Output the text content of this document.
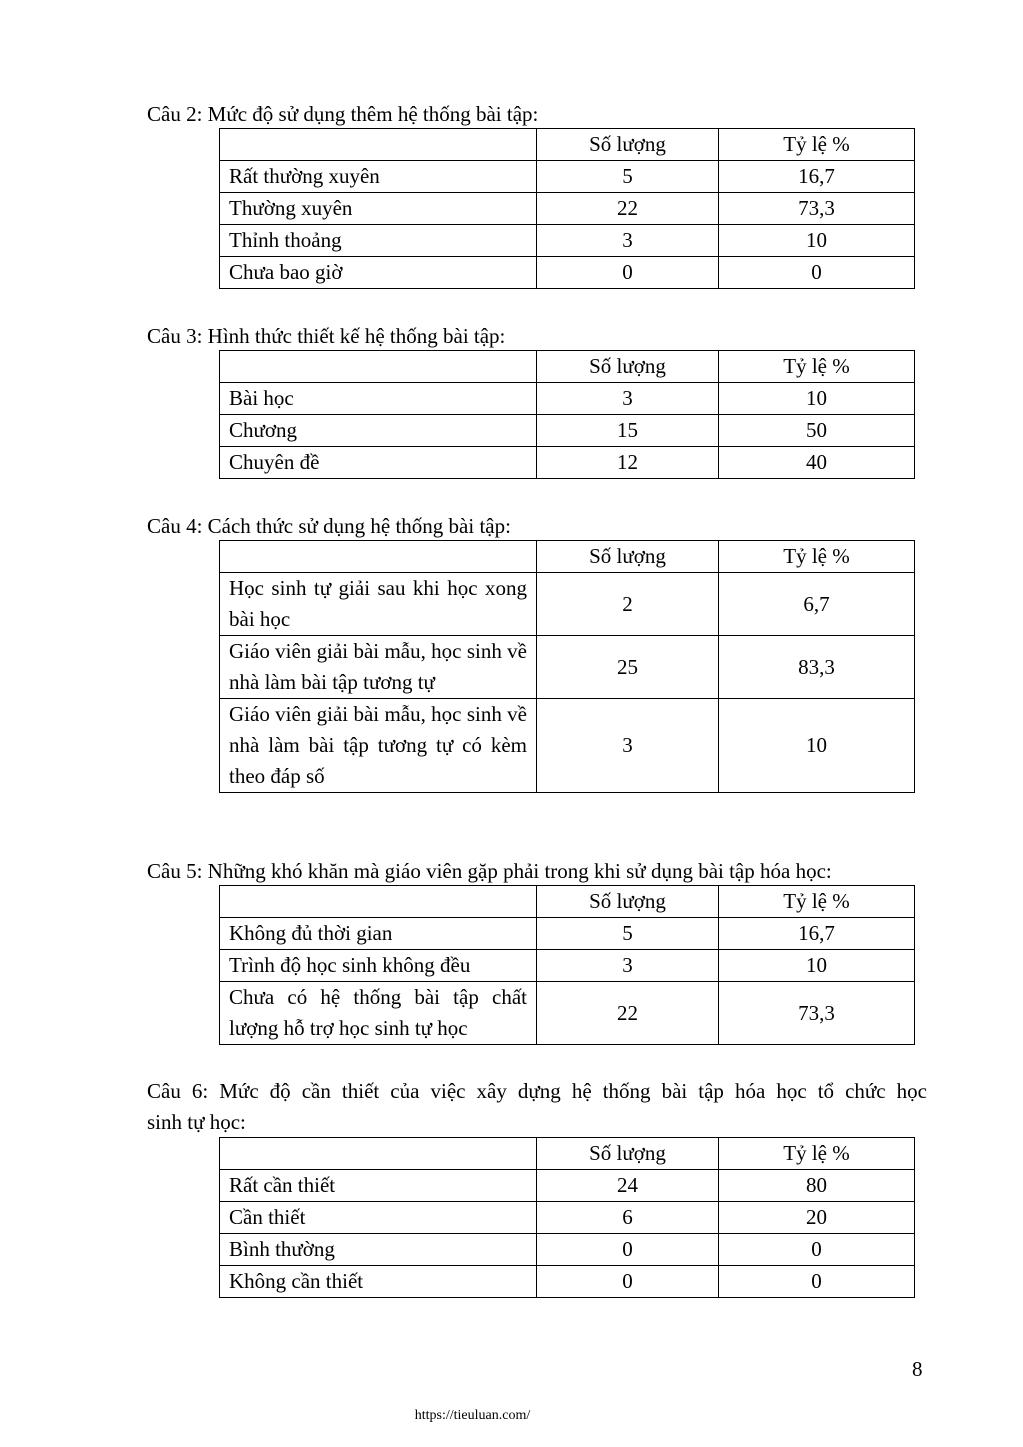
Câu 2: Mức độ sử dụng thêm hệ thống bài tập:
	Số lượng	Tỷ lệ %
Rất thường xuyên	5	16,7
Thường xuyên	22	73,3
Thỉnh thoảng	3	10
Chưa bao giờ	0	0
Câu 3: Hình thức thiết kế hệ thống bài tập:
	Số lượng	Tỷ lệ %
Bài học	3	10
Chương	15	50
Chuyên đề	12	40
Câu 4: Cách thức sử dụng hệ thống bài tập:
	Số lượng	Tỷ lệ %
Học sinh tự giải sau khi học xong bài học	2	6,7
Giáo viên giải bài mẫu, học sinh về nhà làm bài tập tương tự	25	83,3
Giáo viên giải bài mẫu, học sinh về nhà làm bài tập tương tự có kèm theo đáp số	3	10
Câu 5: Những khó khăn mà giáo viên gặp phải trong khi sử dụng bài tập hóa học:
	Số lượng	Tỷ lệ %
Không đủ thời gian	5	16,7
Trình độ học sinh không đều	3	10
Chưa có hệ thống bài tập chất lượng hỗ trợ học sinh tự học	22	73,3
Câu 6: Mức độ cần thiết của việc xây dựng hệ thống bài tập hóa học tổ chức học
sinh tự học:
	Số lượng	Tỷ lệ %
Rất cần thiết	24	80
Cần thiết	6	20
Bình thường	0	0
Không cần thiết	0	0
8
https://tieuluan.com/
